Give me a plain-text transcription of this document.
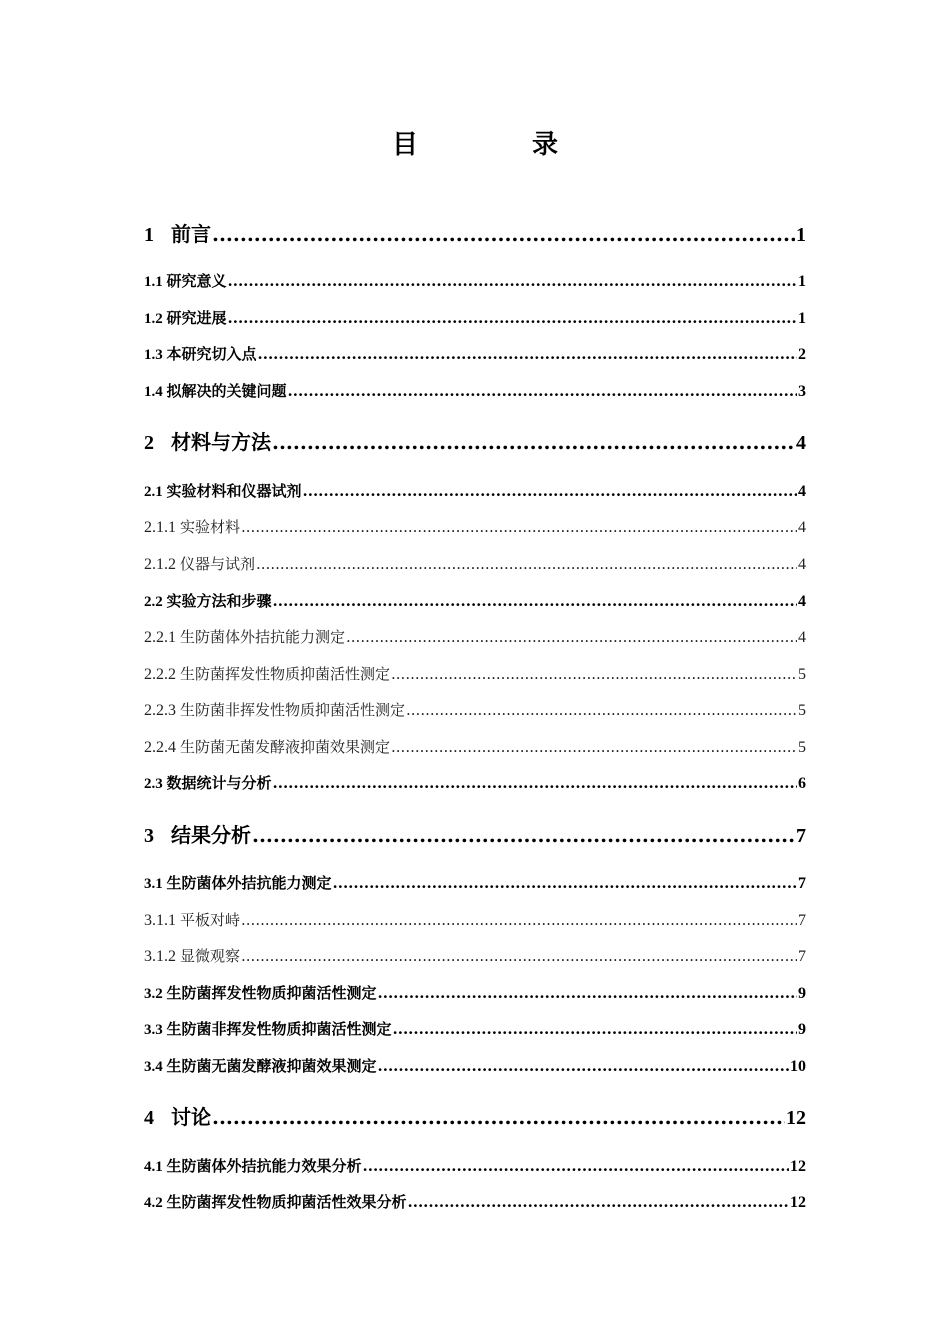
目　录
1 前言 .....	1
1.1 研究意义 .....	1
1.2 研究进展 .....	1
1.3 本研究切入点 .....	2
1.4 拟解决的关键问题 .....	3
2 材料与方法 .....	4
2.1 实验材料和仪器试剂 .....	4
2.1.1 实验材料 .....	4
2.1.2 仪器与试剂 .....	4
2.2 实验方法和步骤 .....	4
2.2.1 生防菌体外拮抗能力测定 .....	4
2.2.2 生防菌挥发性物质抑菌活性测定 .....	5
2.2.3 生防菌非挥发性物质抑菌活性测定 .....	5
2.2.4 生防菌无菌发酵液抑菌效果测定 .....	5
2.3 数据统计与分析 .....	6
3 结果分析 .....	7
3.1 生防菌体外拮抗能力测定 .....	7
3.1.1 平板对峙 .....	7
3.1.2 显微观察 .....	7
3.2 生防菌挥发性物质抑菌活性测定 .....	9
3.3 生防菌非挥发性物质抑菌活性测定 .....	9
3.4 生防菌无菌发酵液抑菌效果测定 .....	10
4 讨论 .....	12
4.1 生防菌体外拮抗能力效果分析 .....	12
4.2 生防菌挥发性物质抑菌活性效果分析 .....	12
